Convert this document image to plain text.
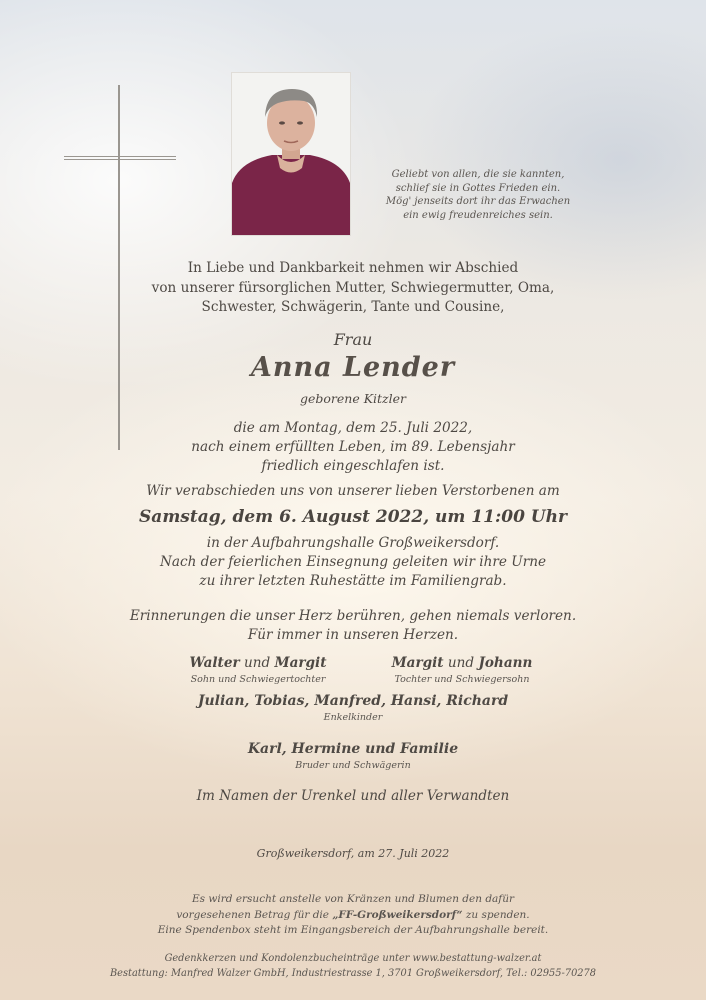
Geliebt von allen, die sie kannten,
schlief sie in Gottes Frieden ein.
Mög' jenseits dort ihr das Erwachen
ein ewig freudenreiches sein.
In Liebe und Dankbarkeit nehmen wir Abschied
von unserer fürsorglichen Mutter, Schwiegermutter, Oma,
Schwester, Schwägerin, Tante und Cousine,
Frau
Anna Lender
geborene Kitzler
die am Montag, dem 25. Juli 2022,
nach einem erfüllten Leben, im 89. Lebensjahr
friedlich eingeschlafen ist.
Wir verabschieden uns von unserer lieben Verstorbenen am
Samstag, dem 6. August 2022, um 11:00 Uhr
in der Aufbahrungshalle Großweikersdorf.
Nach der feierlichen Einsegnung geleiten wir ihre Urne
zu ihrer letzten Ruhestätte im Familiengrab.
Erinnerungen die unser Herz berühren, gehen niemals verloren.
Für immer in unseren Herzen.
Walter und Margit
Sohn und Schwiegertochter
Margit und Johann
Tochter und Schwiegersohn
Julian, Tobias, Manfred, Hansi, Richard
Enkelkinder
Karl, Hermine und Familie
Bruder und Schwägerin
Im Namen der Urenkel und aller Verwandten
Großweikersdorf, am 27. Juli 2022
Es wird ersucht anstelle von Kränzen und Blumen den dafür
vorgesehenen Betrag für die „FF-Großweikersdorf“ zu spenden.
Eine Spendenbox steht im Eingangsbereich der Aufbahrungshalle bereit.
Gedenkkerzen und Kondolenzbucheinträge unter www.bestattung-walzer.at
Bestattung: Manfred Walzer GmbH, Industriestrasse 1, 3701 Großweikersdorf, Tel.: 02955-70278
